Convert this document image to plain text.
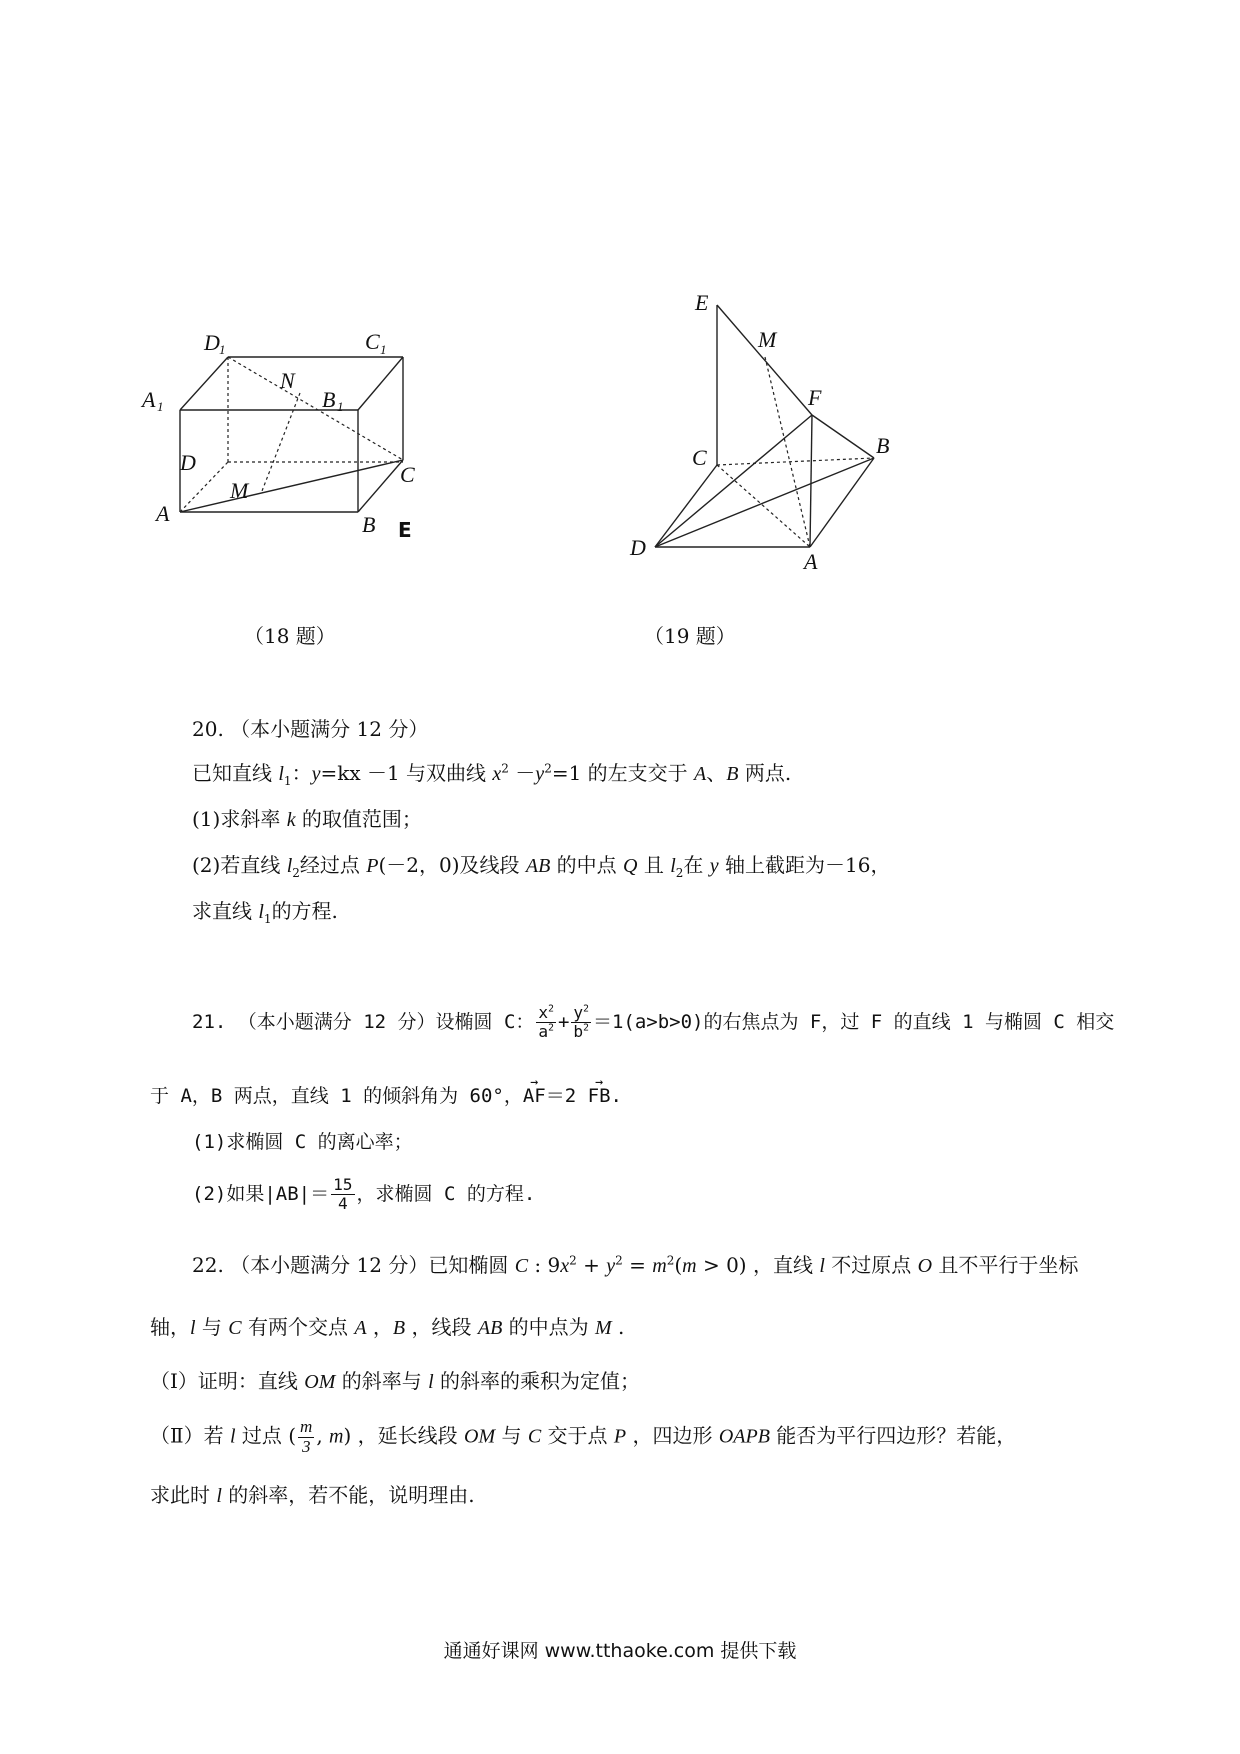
D 1	C 1
A 1	B 1
N
D	C
M
A	B E
（18 题）
E
M
F
C	B
D
A
（19 题）
20. （本小题满分 12 分）
已知直线 $l_1$：y=kx －1 与双曲线 $x^2 -y^2=1$ 的左支交于 A、B 两点.
(1)求斜率 k 的取值范围；
(2)若直线 $l_2$经过点 P(－2，0)及线段 AB 的中点 Q 且 $l_2$在 y 轴上截距为－16，
求直线 $l_1$的方程.
21. （本小题满分 12 分）设椭圆 C： $\frac{x^2}{a^2} + \frac{y^2}{b^2} =1(a>b>0)$的右焦点为 F，过 F 的直线 1 与椭圆 C 相交
于 A，B 两点，直线 1 的倾斜角为 60°，→ AF＝2 → FB.
(1)求椭圆 C 的离心率；
(2)如果$|AB|= \frac{15}{4}$ ，求椭圆 C 的方程.
22. （本小题满分 12 分）已知椭圆 C : $9x^2 + y^2 = m^2(m > 0)$ ，直线 l 不过原点 O 且不平行于坐标
轴，l 与 C 有两个交点 A ，B ，线段 AB 的中点为 M .
（Ⅰ）证明：直线 OM 的斜率与 l 的斜率的乘积为定值；
（Ⅱ）若 l 过点 ( $\frac{m}{3}$ , m) ，延长线段 OM 与 C 交于点 P ，四边形 OAPB 能否为平行四边形？若能，
求此时 l 的斜率，若不能，说明理由.
通通好课网 www.tthaoke.com 提供下载
